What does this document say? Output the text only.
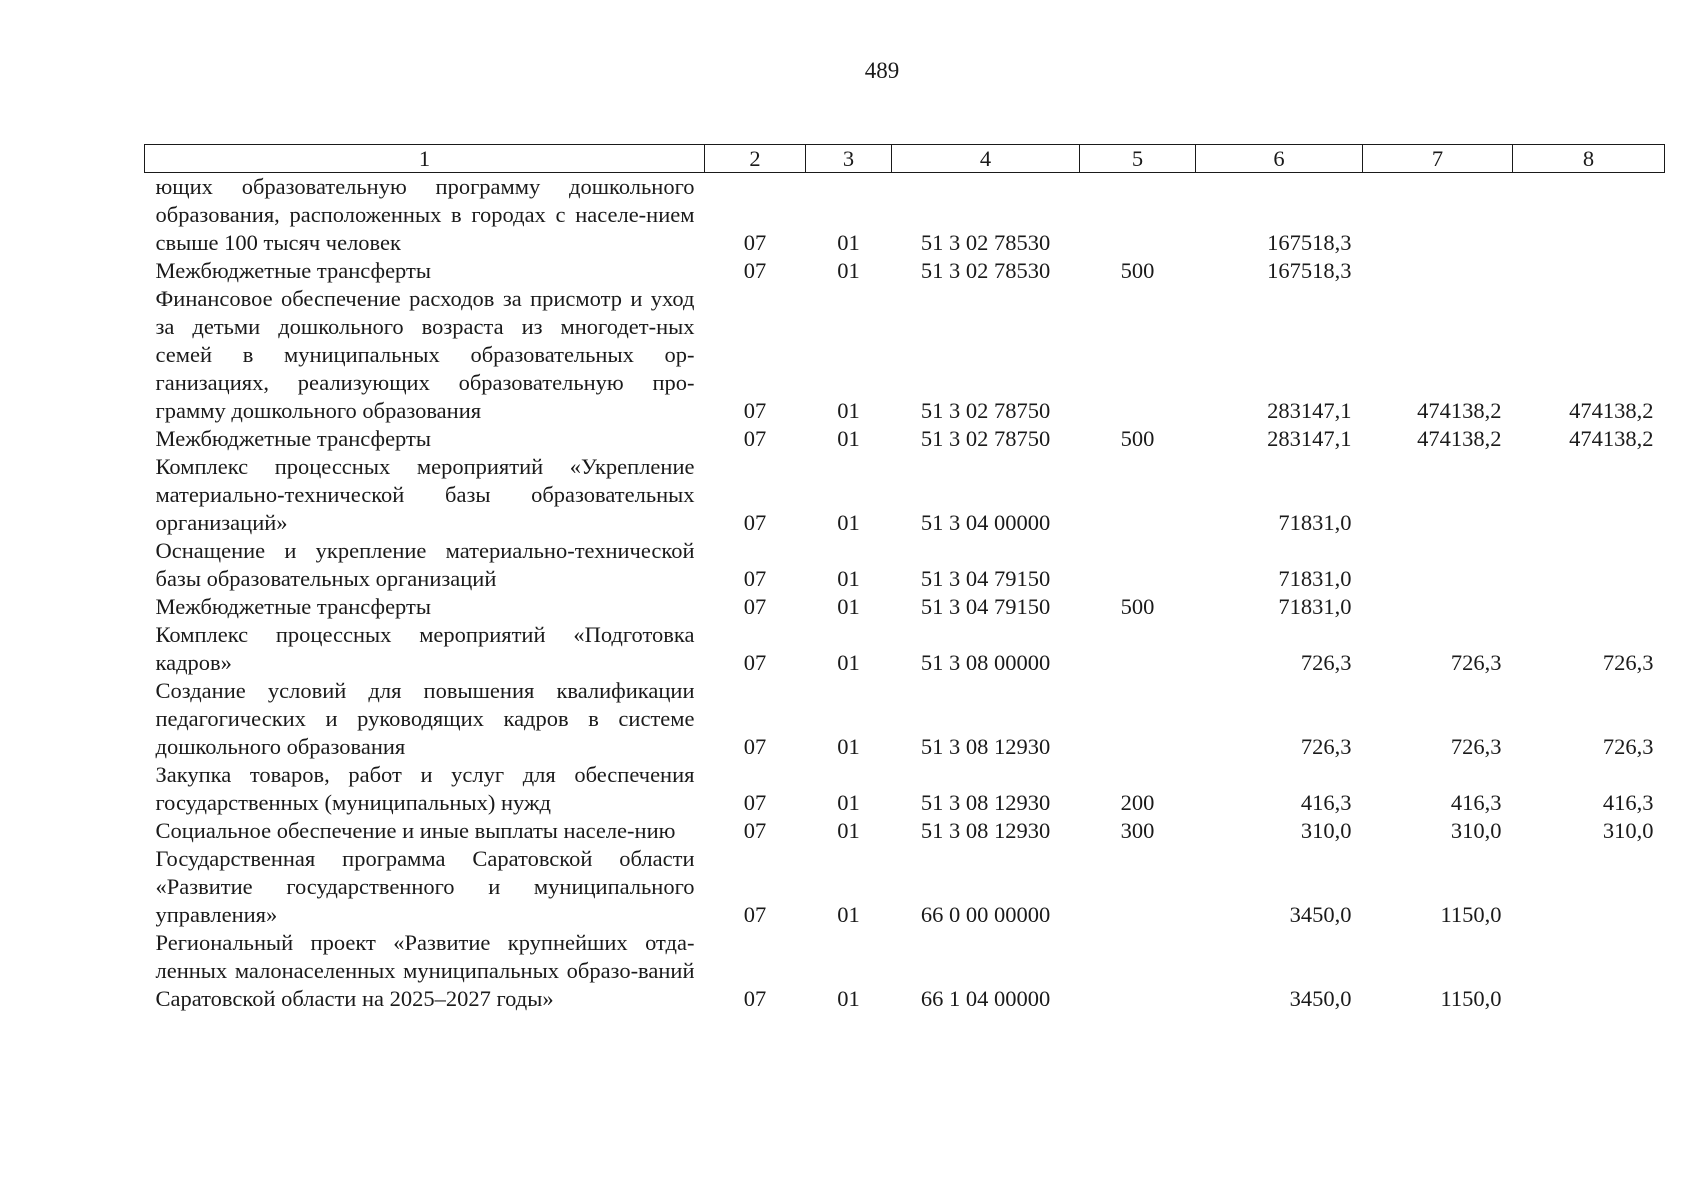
489
1	2	3	4	5	6	7	8
ющих образовательную программу дошкольного образования, расположенных в городах с населе-нием свыше 100 тысяч человек	07	01	51 3 02 78530		167518,3		
Межбюджетные трансферты	07	01	51 3 02 78530	500	167518,3		
Финансовое обеспечение расходов за присмотр и уход за детьми дошкольного возраста из многодет-ных семей в муниципальных образовательных ор-ганизациях, реализующих образовательную про-грамму дошкольного образования	07	01	51 3 02 78750		283147,1	474138,2	474138,2
Межбюджетные трансферты	07	01	51 3 02 78750	500	283147,1	474138,2	474138,2
Комплекс процессных мероприятий «Укрепление материально-технической базы образовательных организаций»	07	01	51 3 04 00000		71831,0		
Оснащение и укрепление материально-технической базы образовательных организаций	07	01	51 3 04 79150		71831,0		
Межбюджетные трансферты	07	01	51 3 04 79150	500	71831,0		
Комплекс процессных мероприятий «Подготовка кадров»	07	01	51 3 08 00000		726,3	726,3	726,3
Создание условий для повышения квалификации педагогических и руководящих кадров в системе дошкольного образования	07	01	51 3 08 12930		726,3	726,3	726,3
Закупка товаров, работ и услуг для обеспечения государственных (муниципальных) нужд	07	01	51 3 08 12930	200	416,3	416,3	416,3
Социальное обеспечение и иные выплаты населе-нию	07	01	51 3 08 12930	300	310,0	310,0	310,0
Государственная программа Саратовской области «Развитие государственного и муниципального управления»	07	01	66 0 00 00000		3450,0	1150,0	
Региональный проект «Развитие крупнейших отда-ленных малонаселенных муниципальных образо-ваний Саратовской области на 2025–2027 годы»	07	01	66 1 04 00000		3450,0	1150,0	
